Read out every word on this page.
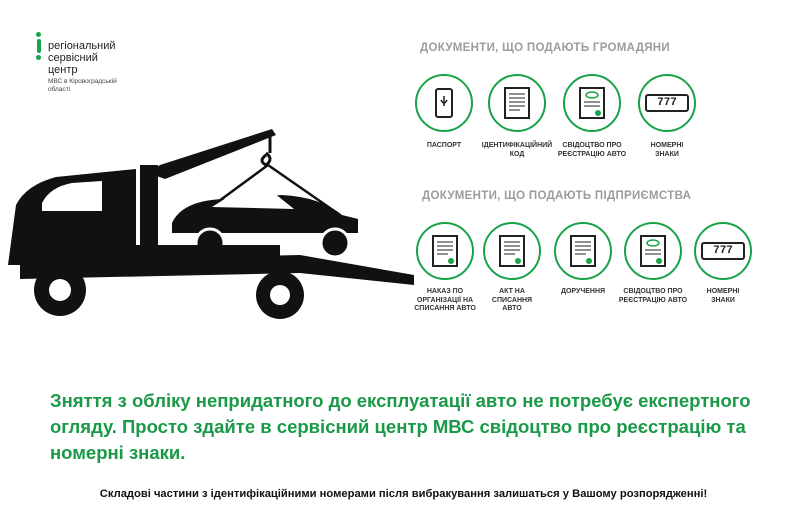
регіональний
сервісний
центр
МВС в Кіровоградській області
ДОКУМЕНТИ, ЩО ПОДАЮТЬ ГРОМАДЯНИ
777
ПАСПОРТ	ІДЕНТИФІКАЦІЙНИЙ КОД
СВІДОЦТВО ПРО РЕЄСТРАЦІЮ АВТО
НОМЕРНІ ЗНАКИ
ДОКУМЕНТИ, ЩО ПОДАЮТЬ ПІДПРИЄМСТВА
777
НАКАЗ ПО ОРГАНІЗАЦІЇ НА СПИСАННЯ АВТО
АКТ НА СПИСАННЯ АВТО
ДОРУЧЕННЯ	СВІДОЦТВО ПРО РЕЄСТРАЦІЮ АВТО
НОМЕРНІ ЗНАКИ
Зняття з обліку непридатного до експлуатації авто не потребує експертного огляду. Просто здайте в сервісний центр МВС свідоцтво про реєстрацію та номерні знаки.
Складові частини з ідентифікаційними номерами після вибракування залишаться у Вашому розпорядженні!
